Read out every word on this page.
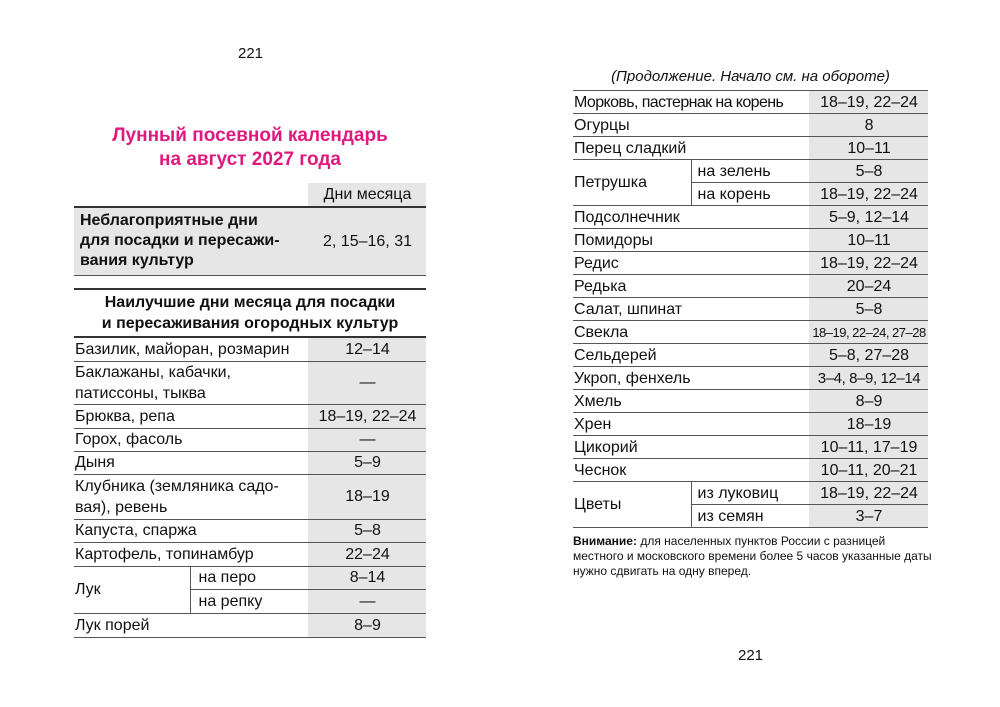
221
Лунный посевной календарь
на август 2027 года
	Дни месяца

Неблагоприятные дни
для посадки и пересажи-
вания культур	2, 15–16, 31
Наилучшие дни месяца для посадки
и пересаживания огородных культур
Базилик, майоран, розмарин		12–14

Баклажаны, кабачки,
патиссоны, тыква		—
Брюква, репа		18–19, 22–24
Горох, фасоль		—
Дыня		5–9

Клубника (земляника садо-
вая), ревень		18–19
Капуста, спаржа		5–8
Картофель, топинамбур		22–24
Лук	на перо	8–14
	на репку	—
Лук порей		8–9
(Продолжение. Начало см. на обороте)
Морковь, пастернак на корень		18–19, 22–24
Огурцы		8
Перец сладкий		10–11
Петрушка	на зелень	5–8
	на корень	18–19, 22–24
Подсолнечник		5–9, 12–14
Помидоры		10–11
Редис		18–19, 22–24
Редька		20–24
Салат, шпинат		5–8
Свекла		18–19, 22–24, 27–28
Сельдерей		5–8, 27–28
Укроп, фенхель		3–4, 8–9, 12–14
Хмель		8–9
Хрен		18–19
Цикорий		10–11, 17–19
Чеснок		10–11, 20–21
Цветы	из луковиц	18–19, 22–24
	из семян	3–7
Внимание: для населенных пунктов России с разницей местного и московского времени более 5 часов указанные даты нужно сдвигать на одну вперед.
221
